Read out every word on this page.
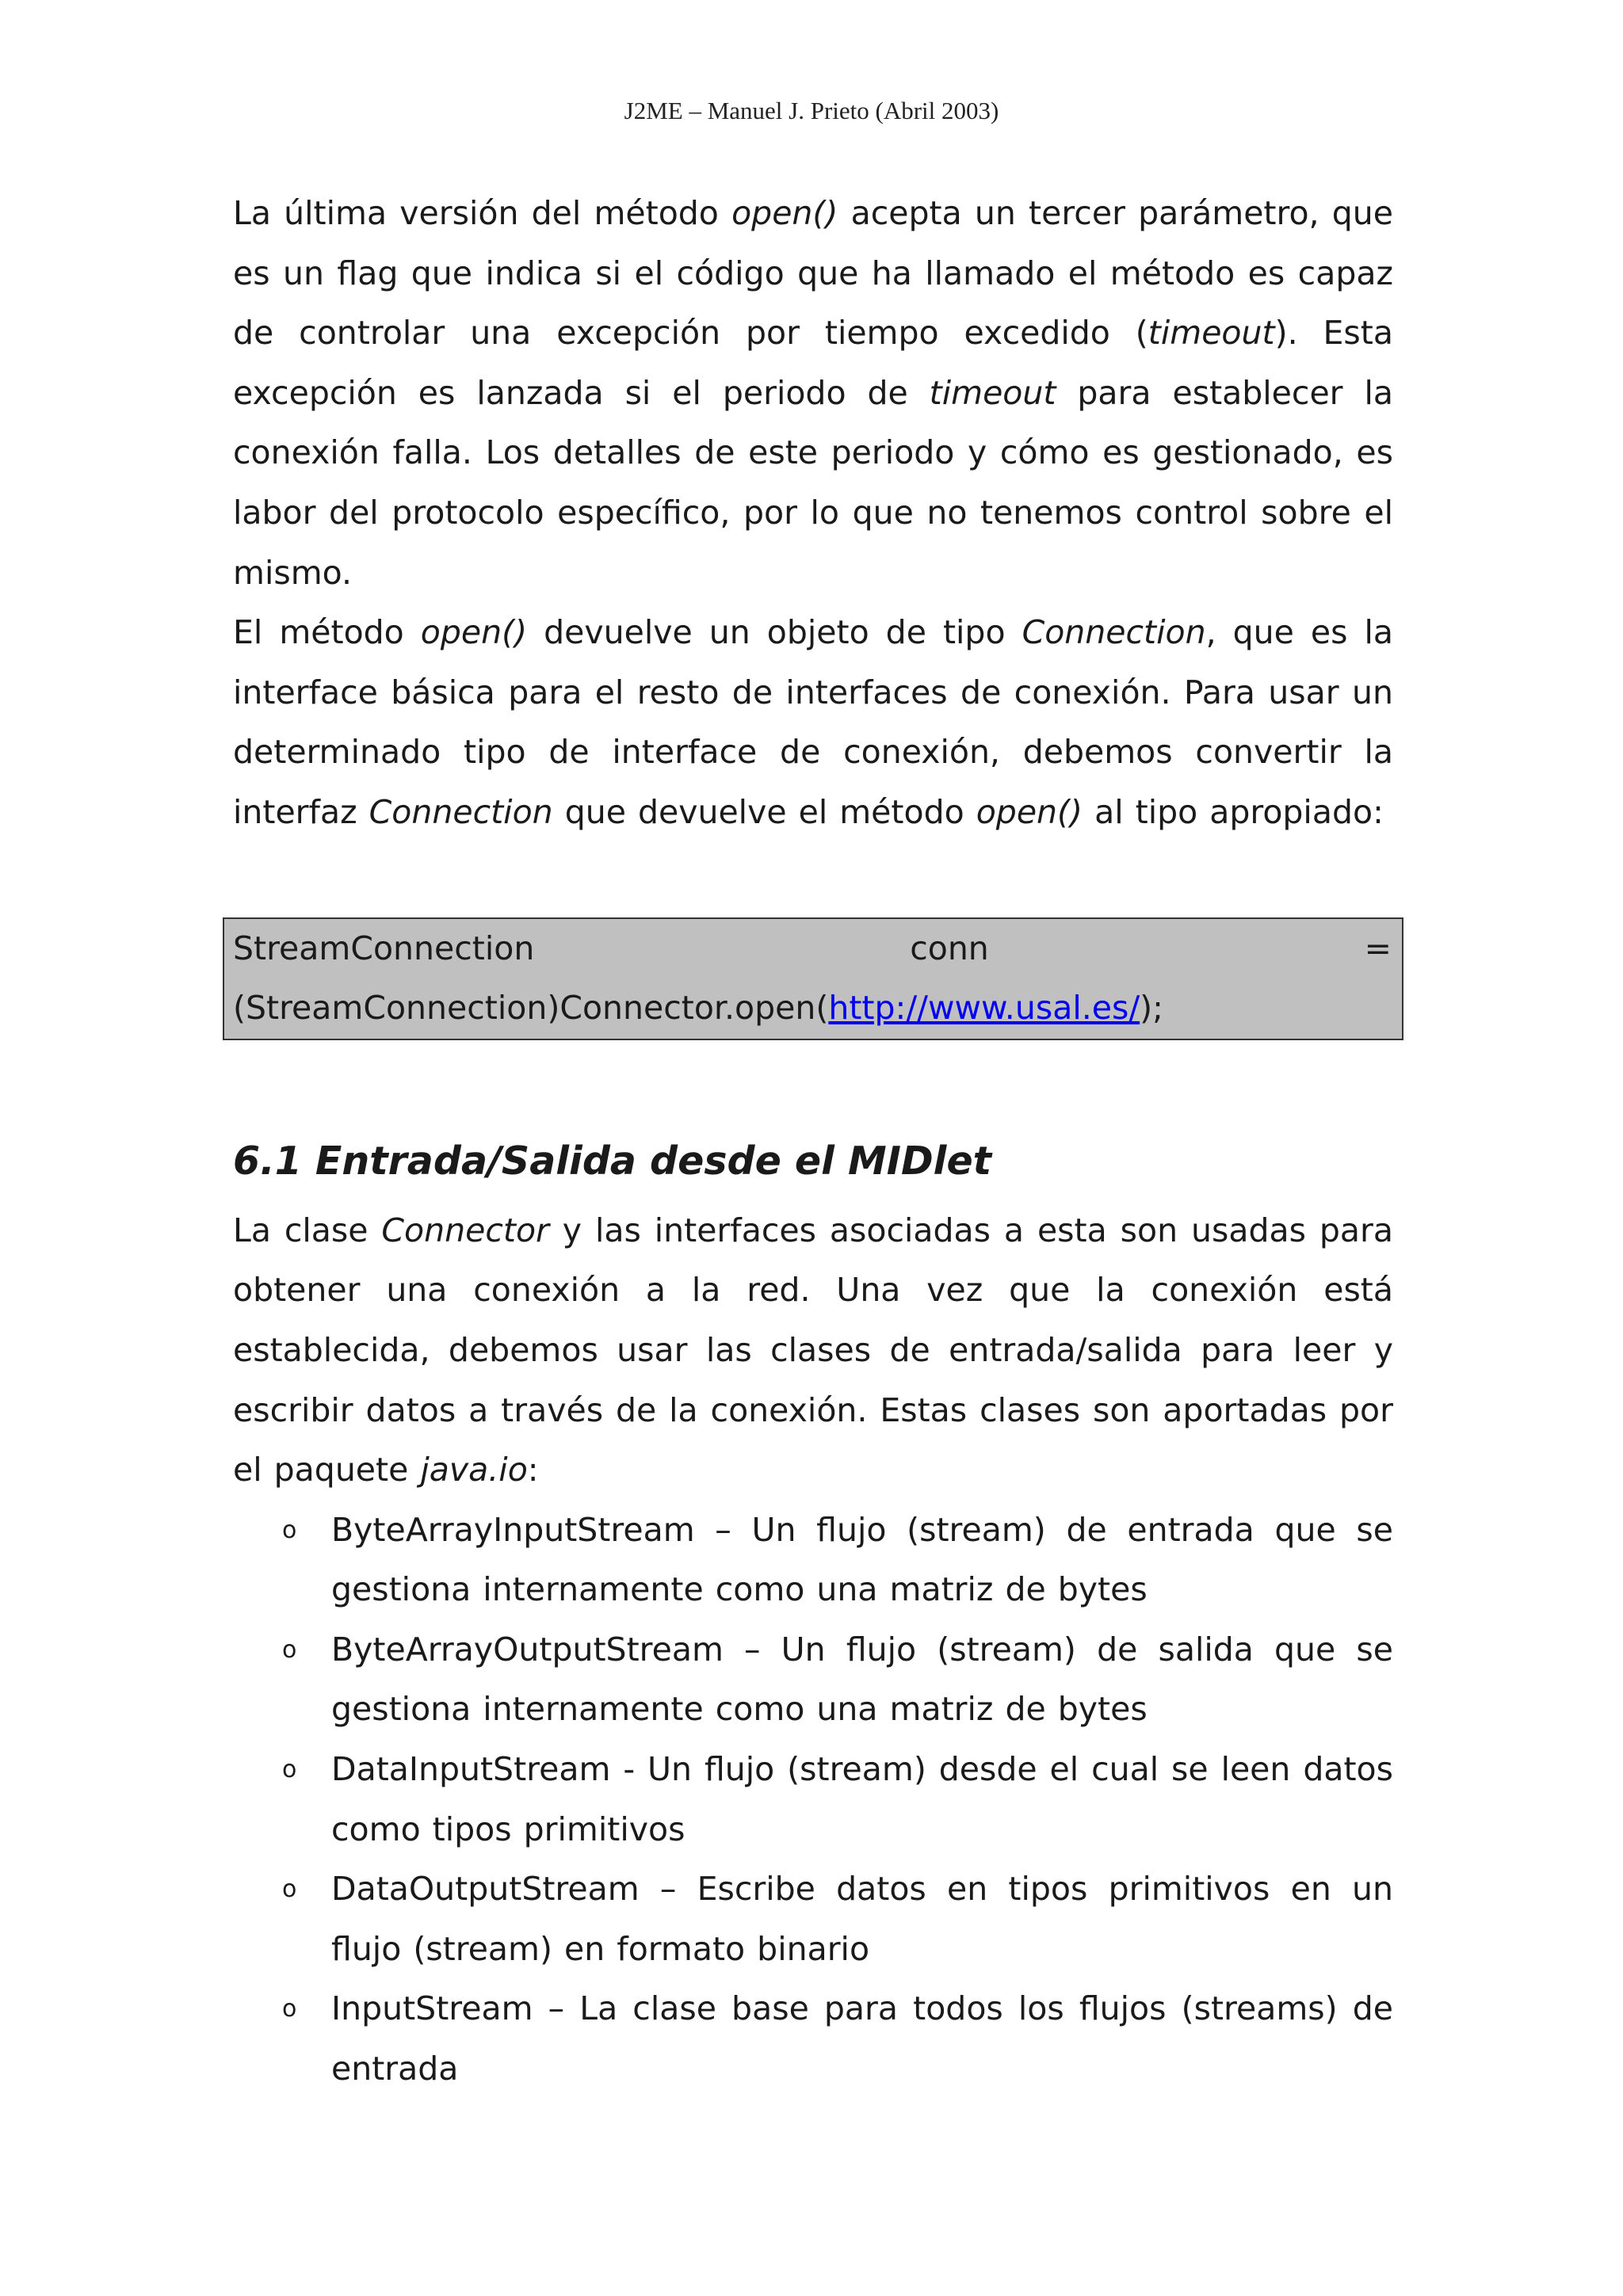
J2ME – Manuel J. Prieto (Abril 2003)

La última versión del método open() acepta un tercer parámetro, que es un flag que indica si el código que ha llamado el método es capaz de controlar una excepción por tiempo excedido (timeout). Esta excepción es lanzada si el periodo de timeout para establecer la conexión falla. Los detalles de este periodo y cómo es gestionado, es labor del protocolo específico, por lo que no tenemos control sobre el mismo.

El método open() devuelve un objeto de tipo Connection, que es la interface básica para el resto de interfaces de conexión. Para usar un determinado tipo de interface de conexión, debemos convertir la interfaz Connection que devuelve el método open() al tipo apropiado:

StreamConnection	conn	=
(StreamConnection)Connector.open(http://www.usal.es/);
6.1 Entrada/Salida desde el MIDlet

La clase Connector y las interfaces asociadas a esta son usadas para obtener una conexión a la red. Una vez que la conexión está establecida, debemos usar las clases de entrada/salida para leer y escribir datos a través de la conexión. Estas clases son aportadas por el paquete java.io:

o ByteArrayInputStream – Un flujo (stream) de entrada que se gestiona internamente como una matriz de bytes
o ByteArrayOutputStream – Un flujo (stream) de salida que se gestiona internamente como una matriz de bytes
o DataInputStream - Un flujo (stream) desde el cual se leen datos como tipos primitivos
o DataOutputStream – Escribe datos en tipos primitivos en un flujo (stream) en formato binario
o InputStream – La clase base para todos los flujos (streams) de entrada
